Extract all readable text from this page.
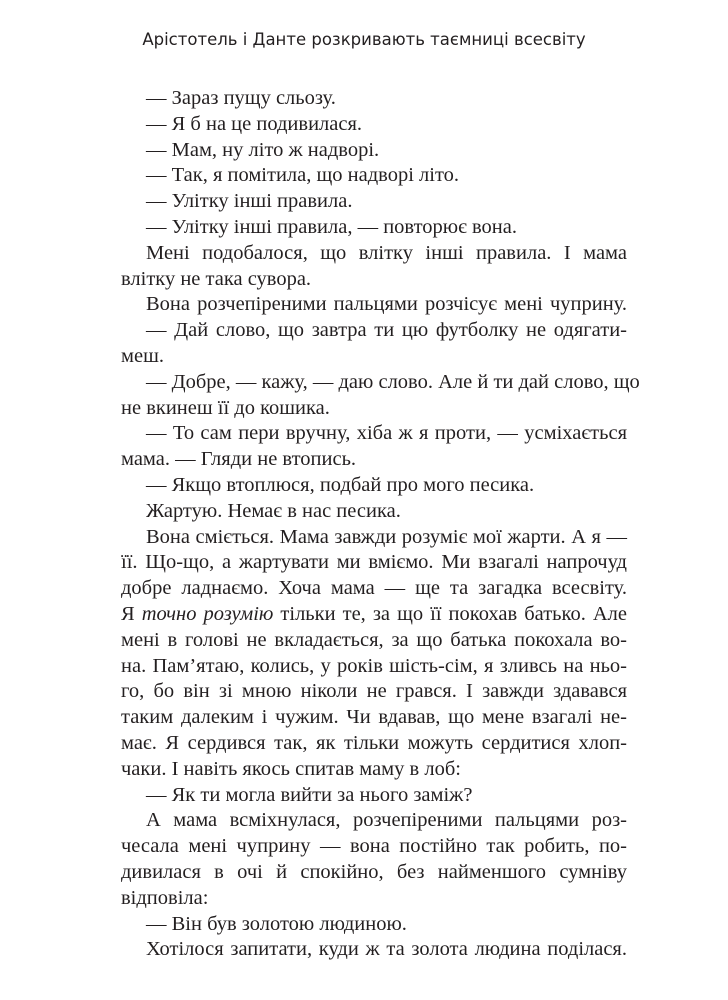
Арістотель і Данте розкривають таємниці всесвіту
— Зараз пущу сльозу.
— Я б на це подивилася.
— Мам, ну літо ж надворі.
— Так, я помітила, що надворі літо.
— Улітку інші правила.
— Улітку інші правила, — повторює вона.
Мені подобалося, що влітку інші правила. І мама
влітку не така сувора.
Вона розчепіреними пальцями розчісує мені чуприну.
— Дай слово, що завтра ти цю футболку не одягати-
меш.
— Добре, — кажу, — даю слово. Але й ти дай слово, що
не вкинеш її до кошика.
— То сам пери вручну, хіба ж я проти, — усміхається
мама. — Гляди не втопись.
— Якщо втоплюся, подбай про мого песика.
Жартую. Немає в нас песика.
Вона сміється. Мама завжди розуміє мої жарти. А я —
її. Що-що, а жартувати ми вміємо. Ми взагалі напрочуд
добре ладнаємо. Хоча мама — ще та загадка всесвіту.
Я точно розумію тільки те, за що її покохав батько. Але
мені в голові не вкладається, за що батька покохала во-
на. Пам’ятаю, колись, у років шість-сім, я зливсь на ньо-
го, бо він зі мною ніколи не грався. І завжди здавався
таким далеким і чужим. Чи вдавав, що мене взагалі не-
має. Я сердився так, як тільки можуть сердитися хлоп-
чаки. І навіть якось спитав маму в лоб:
— Як ти могла вийти за нього заміж?
А мама всміхнулася, розчепіреними пальцями роз-
чесала мені чуприну — вона постійно так робить, по-
дивилася в очі й спокійно, без найменшого сумніву
відповіла:
— Він був золотою людиною.
Хотілося запитати, куди ж та золота людина поділася.
